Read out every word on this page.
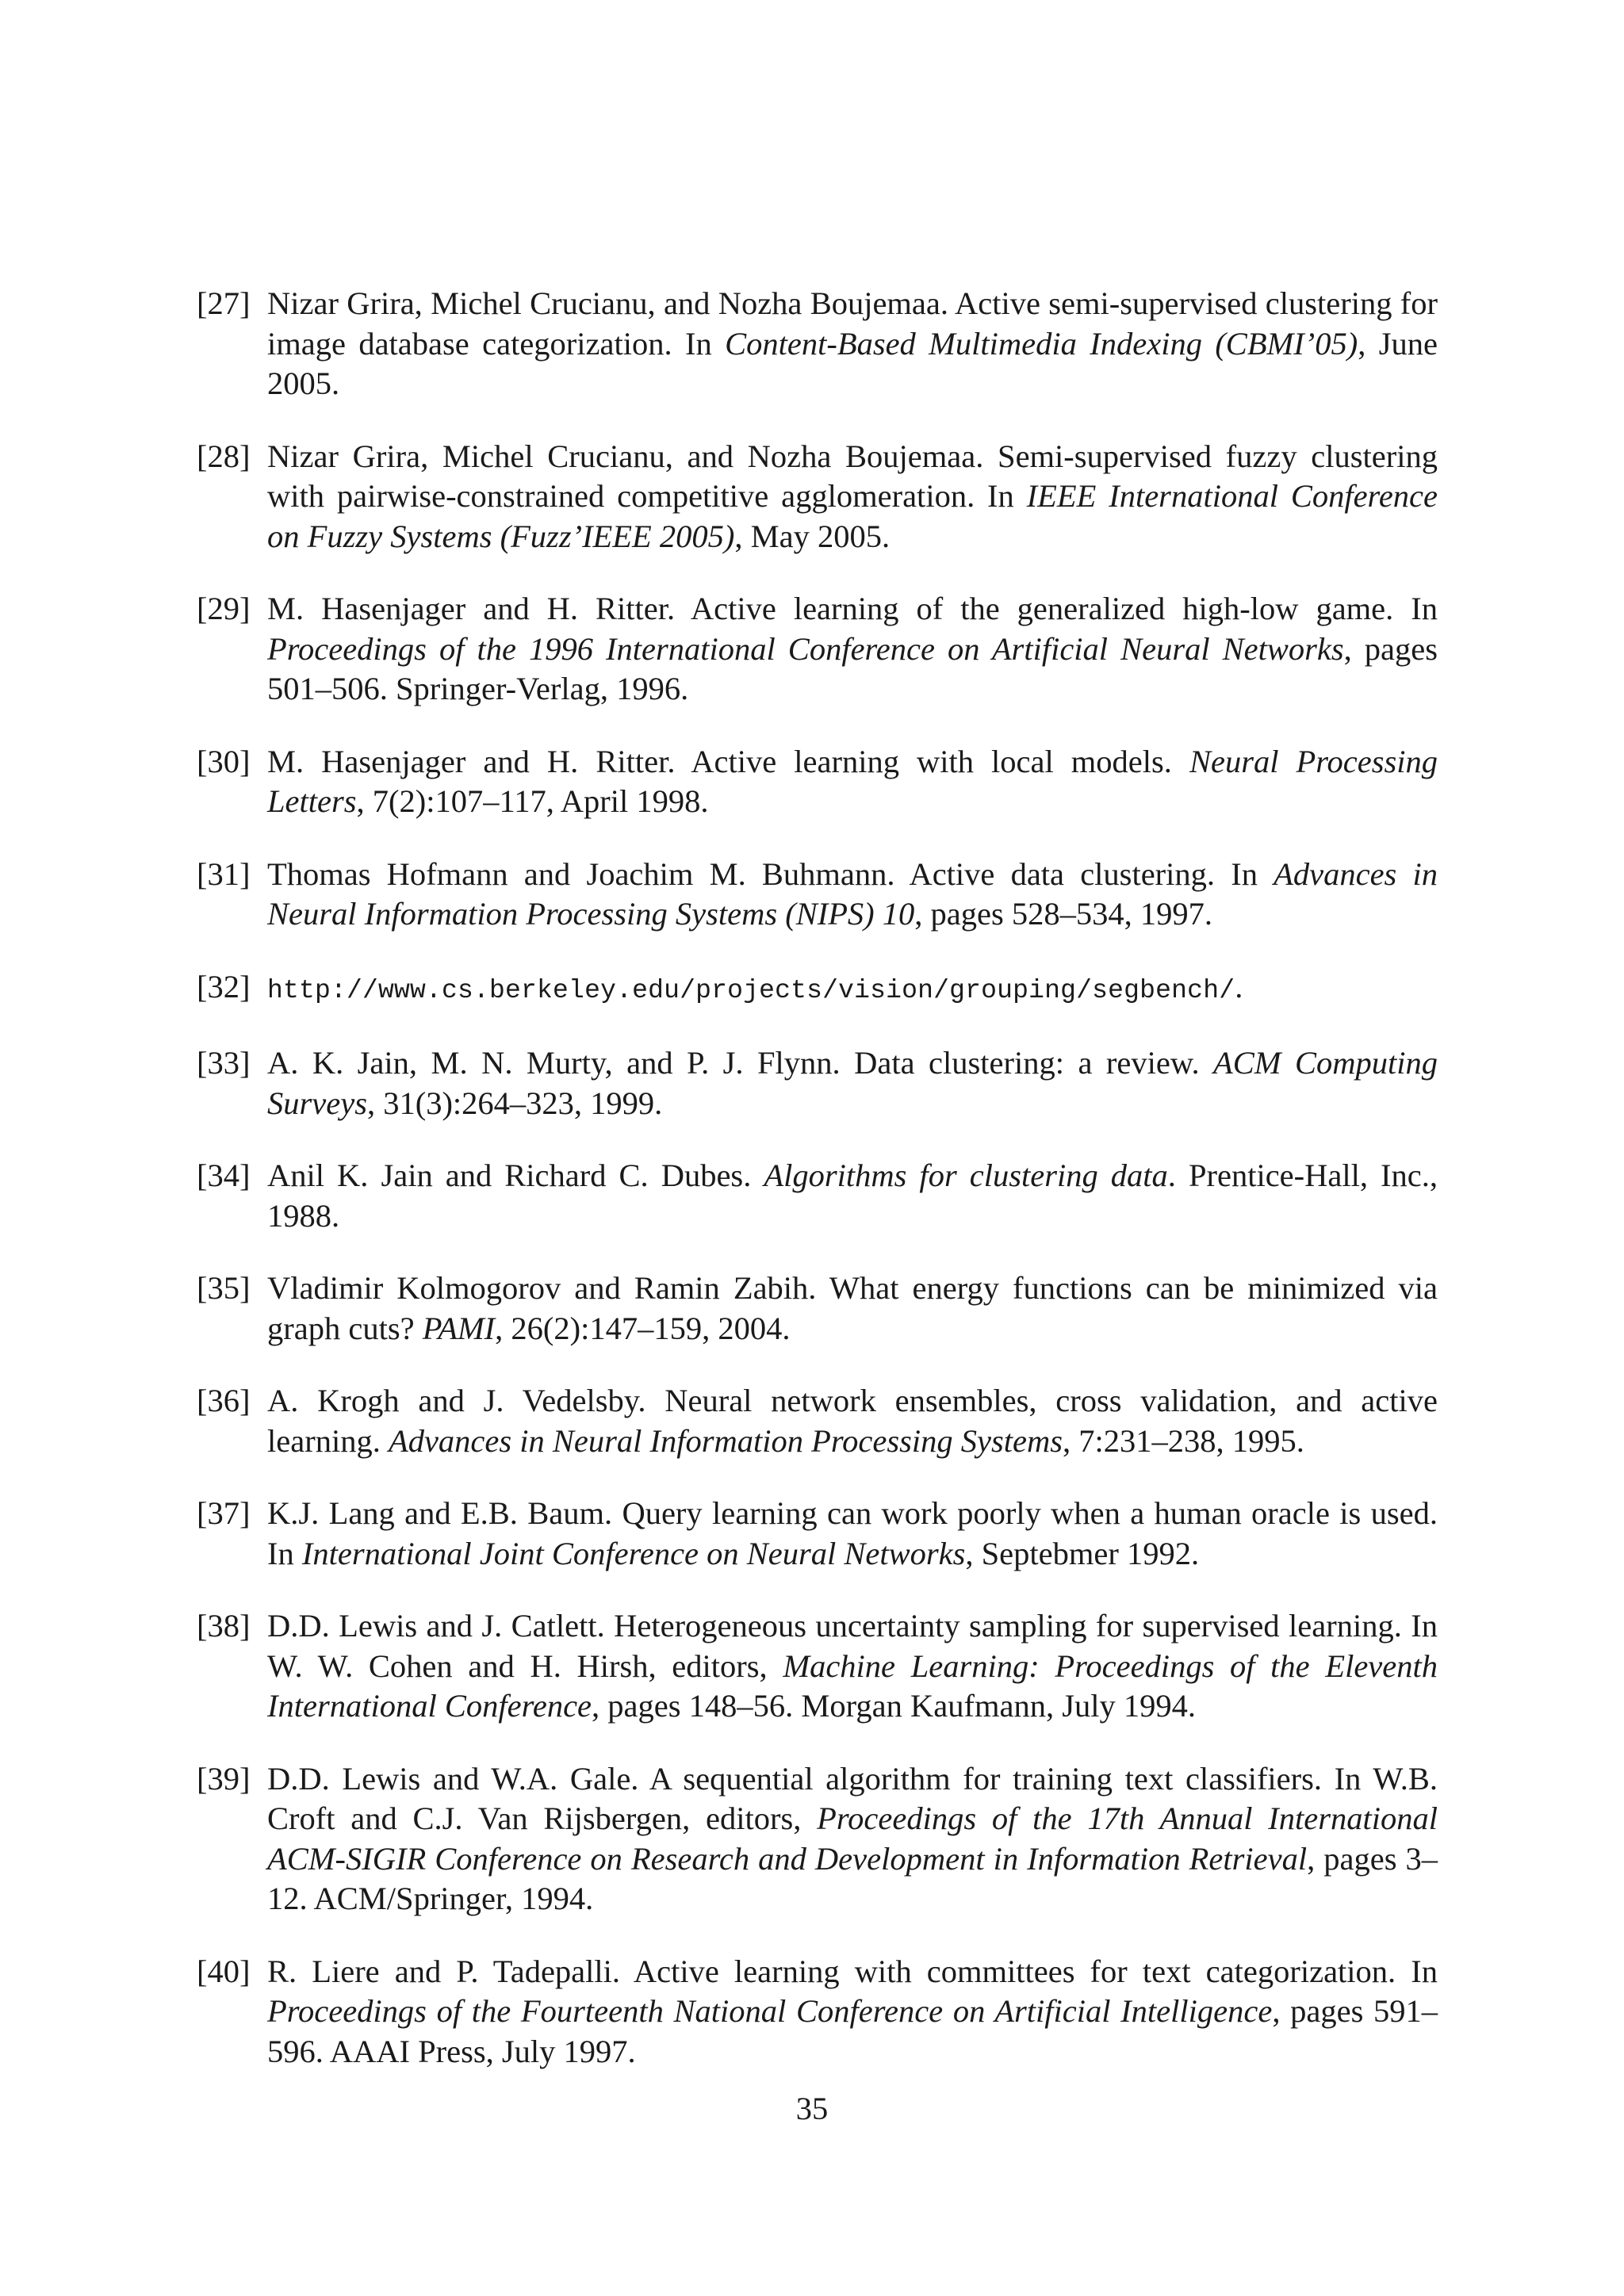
[27] Nizar Grira, Michel Crucianu, and Nozha Boujemaa. Active semi-supervised clustering for image database categorization. In Content-Based Multimedia Indexing (CBMI’05), June 2005.
[28] Nizar Grira, Michel Crucianu, and Nozha Boujemaa. Semi-supervised fuzzy clustering with pairwise-constrained competitive agglomeration. In IEEE International Conference on Fuzzy Systems (Fuzz’IEEE 2005), May 2005.
[29] M. Hasenjager and H. Ritter. Active learning of the generalized high-low game. In Proceedings of the 1996 International Conference on Artificial Neural Networks, pages 501–506. Springer-Verlag, 1996.
[30] M. Hasenjager and H. Ritter. Active learning with local models. Neural Processing Letters, 7(2):107–117, April 1998.
[31] Thomas Hofmann and Joachim M. Buhmann. Active data clustering. In Advances in Neural Information Processing Systems (NIPS) 10, pages 528–534, 1997.
[32] http://www.cs.berkeley.edu/projects/vision/grouping/segbench/.
[33] A. K. Jain, M. N. Murty, and P. J. Flynn. Data clustering: a review. ACM Computing Surveys, 31(3):264–323, 1999.
[34] Anil K. Jain and Richard C. Dubes. Algorithms for clustering data. Prentice-Hall, Inc., 1988.
[35] Vladimir Kolmogorov and Ramin Zabih. What energy functions can be minimized via graph cuts? PAMI, 26(2):147–159, 2004.
[36] A. Krogh and J. Vedelsby. Neural network ensembles, cross validation, and active learning. Advances in Neural Information Processing Systems, 7:231–238, 1995.
[37] K.J. Lang and E.B. Baum. Query learning can work poorly when a human oracle is used. In International Joint Conference on Neural Networks, Septebmer 1992.
[38] D.D. Lewis and J. Catlett. Heterogeneous uncertainty sampling for supervised learning. In W. W. Cohen and H. Hirsh, editors, Machine Learning: Proceedings of the Eleventh International Conference, pages 148–56. Morgan Kaufmann, July 1994.
[39] D.D. Lewis and W.A. Gale. A sequential algorithm for training text classifiers. In W.B. Croft and C.J. Van Rijsbergen, editors, Proceedings of the 17th Annual International ACM-SIGIR Conference on Research and Development in Information Retrieval, pages 3–12. ACM/Springer, 1994.
[40] R. Liere and P. Tadepalli. Active learning with committees for text categorization. In Proceedings of the Fourteenth National Conference on Artificial Intelligence, pages 591–596. AAAI Press, July 1997.
35
